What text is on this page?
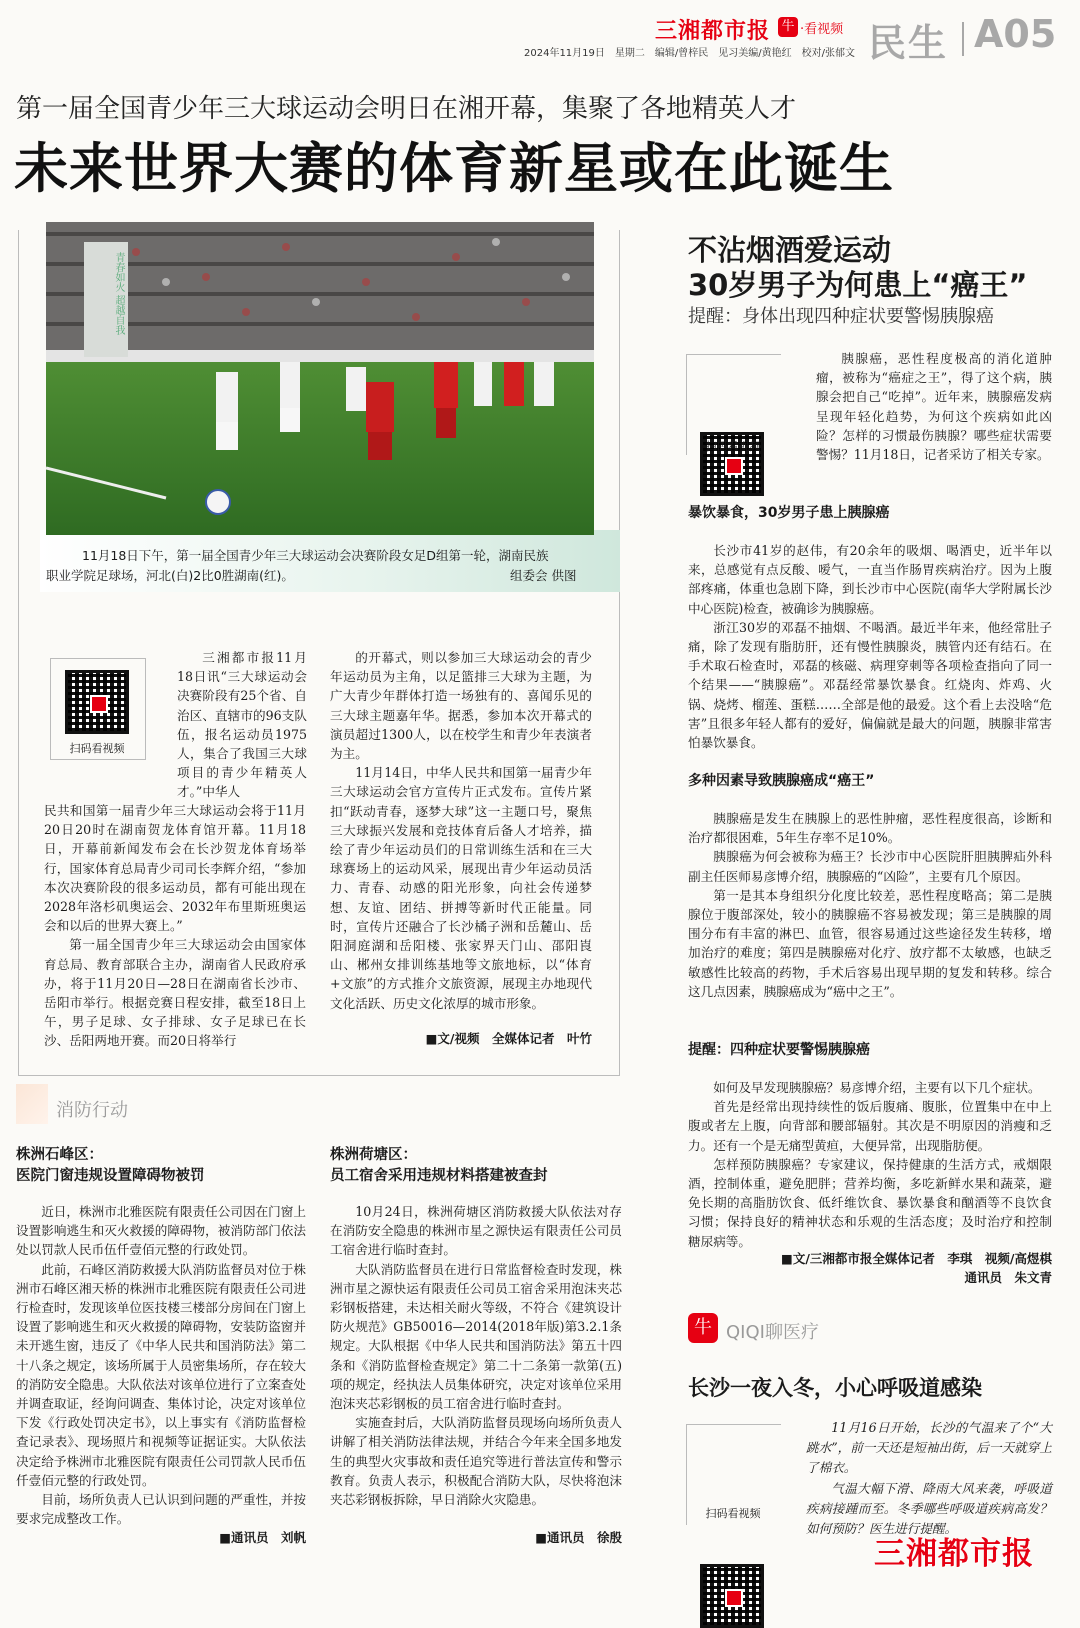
三湘都市报 牛 ·看视频
2024年11月19日　星期二　编辑/曾梓民　见习美编/黄艳红　校对/张郁文 民生 A05
第一届全国青少年三大球运动会明日在湘开幕，集聚了各地精英人才
未来世界大赛的体育新星或在此诞生
青春如火 超越自我
11月18日下午，第一届全国青少年三大球运动会决赛阶段女足D组第一轮，湖南民族
职业学院足球场，河北(白)2比0胜湖南(红)。	组委会 供图
扫码看视频

三湘都市报11月18日讯“三大球运动会决赛阶段有25个省、自治区、直辖市的96支队伍，报名运动员1975人，集合了我国三大球项目的青少年精英人才。”中华人

民共和国第一届青少年三大球运动会将于11月20日20时在湖南贺龙体育馆开幕。11月18日，开幕前新闻发布会在长沙贺龙体育场举行，国家体育总局青少司司长李辉介绍，“参加本次决赛阶段的很多运动员，都有可能出现在2028年洛杉矶奥运会、2032年布里斯班奥运会和以后的世界大赛上。”

第一届全国青少年三大球运动会由国家体育总局、教育部联合主办，湖南省人民政府承办，将于11月20日—28日在湖南省长沙市、岳阳市举行。根据竞赛日程安排，截至18日上午，男子足球、女子排球、女子足球已在长沙、岳阳两地开赛。而20日将举行

的开幕式，则以参加三大球运动会的青少年运动员为主角，以足篮排三大球为主题，为广大青少年群体打造一场独有的、喜闻乐见的三大球主题嘉年华。据悉，参加本次开幕式的演员超过1300人，以在校学生和青少年表演者为主。

11月14日，中华人民共和国第一届青少年三大球运动会官方宣传片正式发布。宣传片紧扣“跃动青春，逐梦大球”这一主题口号，聚焦三大球振兴发展和竞技体育后备人才培养，描绘了青少年运动员们的日常训练生活和在三大球赛场上的运动风采，展现出青少年运动员活力、青春、动感的阳光形象，向社会传递梦想、友谊、团结、拼搏等新时代正能量。同时，宣传片还融合了长沙橘子洲和岳麓山、岳阳洞庭湖和岳阳楼、张家界天门山、邵阳崀山、郴州女排训练基地等文旅地标，以“体育+文旅”的方式推介文旅资源，展现主办地现代文化活跃、历史文化浓厚的城市形象。

■文/视频　全媒体记者　叶竹
消防行动
株洲石峰区：
医院门窗违规设置障碍物被罚

近日，株洲市北雅医院有限责任公司因在门窗上设置影响逃生和灭火救援的障碍物，被消防部门依法处以罚款人民币伍仟壹佰元整的行政处罚。

此前，石峰区消防救援大队消防监督员对位于株洲市石峰区湘天桥的株洲市北雅医院有限责任公司进行检查时，发现该单位医技楼三楼部分房间在门窗上设置了影响逃生和灭火救援的障碍物，安装防盗窗并未开逃生窗，违反了《中华人民共和国消防法》第二十八条之规定，该场所属于人员密集场所，存在较大的消防安全隐患。大队依法对该单位进行了立案查处并调查取证，经询问调查、集体讨论，决定对该单位下发《行政处罚决定书》，以上事实有《消防监督检查记录表》、现场照片和视频等证据证实。大队依法决定给予株洲市北雅医院有限责任公司罚款人民币伍仟壹佰元整的行政处罚。

目前，场所负责人已认识到问题的严重性，并按要求完成整改工作。

■通讯员　刘帆
株洲荷塘区：
员工宿舍采用违规材料搭建被查封

10月24日，株洲荷塘区消防救援大队依法对存在消防安全隐患的株洲市星之源快运有限责任公司员工宿舍进行临时查封。

大队消防监督员在进行日常监督检查时发现，株洲市星之源快运有限责任公司员工宿舍采用泡沫夹芯彩钢板搭建，未达相关耐火等级，不符合《建筑设计防火规范》GB50016—2014(2018年版)第3.2.1条规定。大队根据《中华人民共和国消防法》第五十四条和《消防监督检查规定》第二十二条第一款第(五)项的规定，经执法人员集体研究，决定对该单位采用泡沫夹芯彩钢板的员工宿舍进行临时查封。

实施查封后，大队消防监督员现场向场所负责人讲解了相关消防法律法规，并结合今年来全国多地发生的典型火灾事故和责任追究等进行普法宣传和警示教育。负责人表示，积极配合消防大队，尽快将泡沫夹芯彩钢板拆除，早日消除火灾隐患。

■通讯员　徐殷
不沾烟酒爱运动
30岁男子为何患上“癌王”
提醒：身体出现四种症状要警惕胰腺癌
扫码看视频

胰腺癌，恶性程度极高的消化道肿瘤，被称为“癌症之王”，得了这个病，胰腺会把自己“吃掉”。近年来，胰腺癌发病呈现年轻化趋势，为何这个疾病如此凶险？怎样的习惯最伤胰腺？哪些症状需要警惕？11月18日，记者采访了相关专家。

暴饮暴食，30岁男子患上胰腺癌

长沙市41岁的赵伟，有20余年的吸烟、喝酒史，近半年以来，总感觉有点反酸、嗳气，一直当作肠胃疾病治疗。因为上腹部疼痛，体重也急剧下降，到长沙市中心医院(南华大学附属长沙中心医院)检查，被确诊为胰腺癌。

浙江30岁的邓磊不抽烟、不喝酒。最近半年来，他经常肚子痛，除了发现有脂肪肝，还有慢性胰腺炎，胰管内还有结石。在手术取石检查时，邓磊的核磁、病理穿刺等各项检查指向了同一个结果——“胰腺癌”。邓磊经常暴饮暴食。红烧肉、炸鸡、火锅、烧烤、榴莲、蛋糕……全部是他的最爱。这个看上去没啥“危害”且很多年轻人都有的爱好，偏偏就是最大的问题，胰腺非常害怕暴饮暴食。

多种因素导致胰腺癌成“癌王”

胰腺癌是发生在胰腺上的恶性肿瘤，恶性程度很高，诊断和治疗都很困难，5年生存率不足10%。

胰腺癌为何会被称为癌王？长沙市中心医院肝胆胰脾疝外科副主任医师易彦博介绍，胰腺癌的“凶险”，主要有几个原因。

第一是其本身组织分化度比较差，恶性程度略高；第二是胰腺位于腹部深处，较小的胰腺癌不容易被发现；第三是胰腺的周围分布有丰富的淋巴、血管，很容易通过这些途径发生转移，增加治疗的难度；第四是胰腺癌对化疗、放疗都不太敏感，也缺乏敏感性比较高的药物，手术后容易出现早期的复发和转移。综合这几点因素，胰腺癌成为“癌中之王”。

提醒：四种症状要警惕胰腺癌

如何及早发现胰腺癌？易彦博介绍，主要有以下几个症状。

首先是经常出现持续性的饭后腹痛、腹胀，位置集中在中上腹或者左上腹，向背部和腰部辐射。其次是不明原因的消瘦和乏力。还有一个是无痛型黄疸，大便异常，出现脂肪便。

怎样预防胰腺癌？专家建议，保持健康的生活方式，戒烟限酒，控制体重，避免肥胖；营养均衡，多吃新鲜水果和蔬菜，避免长期的高脂肪饮食、低纤维饮食、暴饮暴食和酗酒等不良饮食习惯；保持良好的精神状态和乐观的生活态度；及时治疗和控制糖尿病等。

■文/三湘都市报全媒体记者　李琪　视频/高煜棋
通讯员　朱文青
牛 QIQI聊医疗
长沙一夜入冬，小心呼吸道感染
扫码看视频

11月16日开始，长沙的气温来了个“大跳水”，前一天还是短袖出街，后一天就穿上了棉衣。

气温大幅下滑、降雨大风来袭，呼吸道疾病接踵而至。冬季哪些呼吸道疾病高发？如何预防？医生进行提醒。

三湘都市报
